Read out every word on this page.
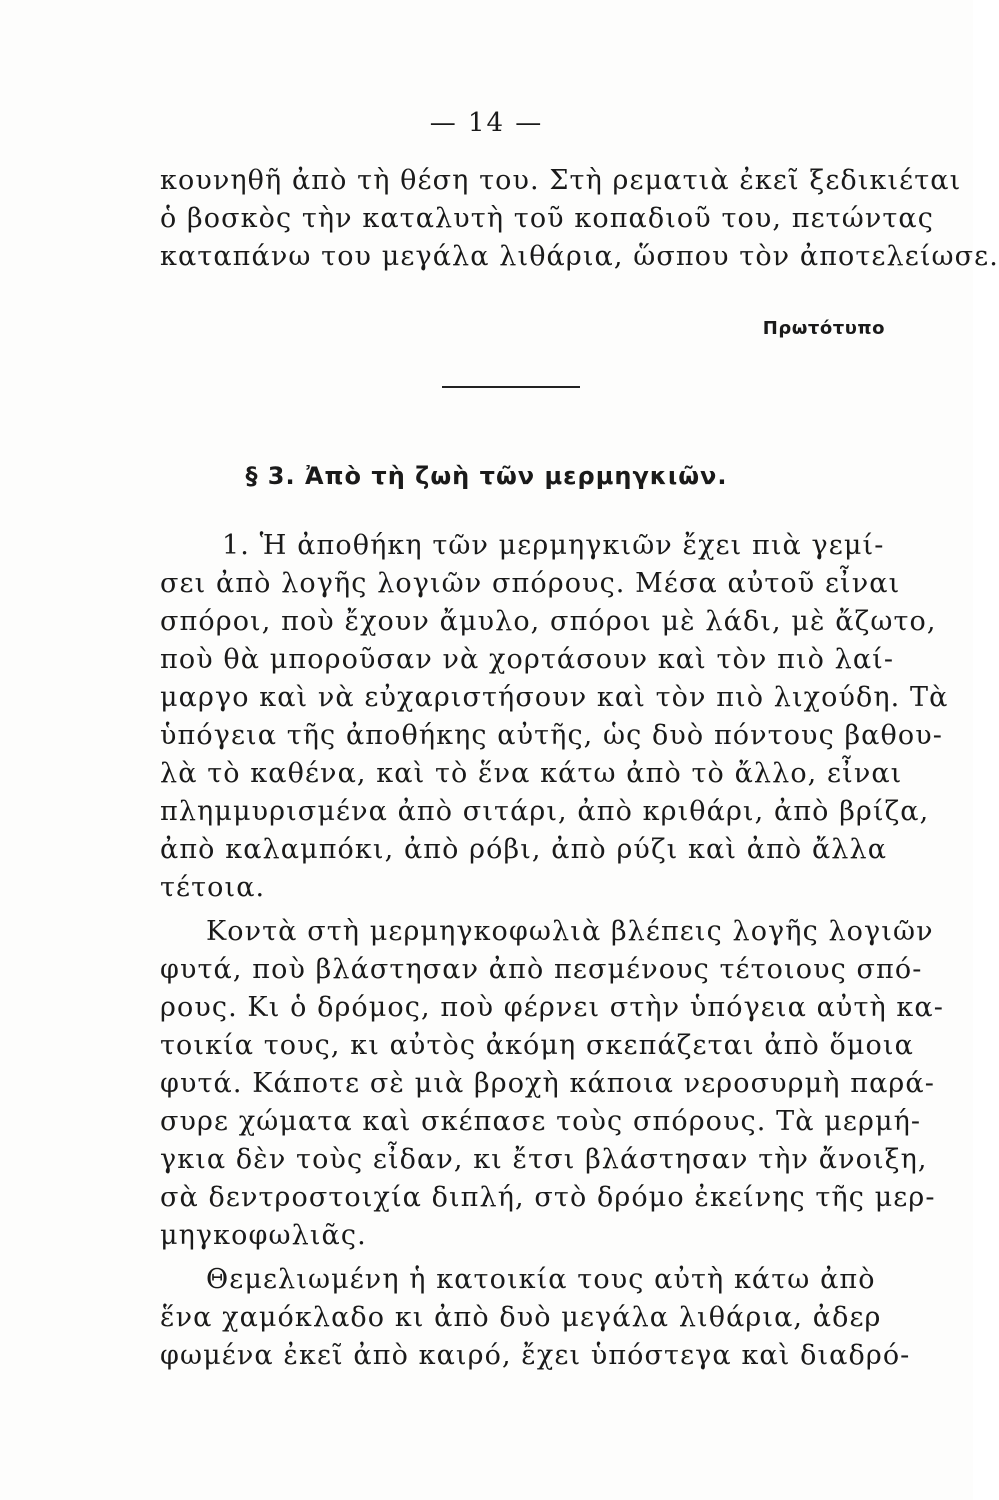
— 14 —
κουνηθῆ ἀπὸ τὴ θέση του. Στὴ ρεματιὰ ἐκεῖ ξεδικιέται
ὁ βοσκὸς τὴν καταλυτὴ τοῦ κοπαδιοῦ του, πετώντας
καταπάνω του μεγάλα λιθάρια, ὥσπου τὸν ἀποτελείωσε.
Πρωτότυπο
§ 3. Ἀπὸ τὴ ζωὴ τῶν μερμηγκιῶν.
1. Ἡ ἀποθήκη τῶν μερμηγκιῶν ἔχει πιὰ γεμί-
σει ἀπὸ λογῆς λογιῶν σπόρους. Μέσα αὐτοῦ εἶναι
σπόροι, ποὺ ἔχουν ἄμυλο, σπόροι μὲ λάδι, μὲ ἄζωτο,
ποὺ θὰ μποροῦσαν νὰ χορτάσουν καὶ τὸν πιὸ λαί-
μαργο καὶ νὰ εὐχαριστήσουν καὶ τὸν πιὸ λιχούδη. Τὰ
ὑπόγεια τῆς ἀποθήκης αὐτῆς, ὡς δυὸ πόντους βαθου-
λὰ τὸ καθένα, καὶ τὸ ἕνα κάτω ἀπὸ τὸ ἄλλο, εἶναι
πλημμυρισμένα ἀπὸ σιτάρι, ἀπὸ κριθάρι, ἀπὸ βρίζα,
ἀπὸ καλαμπόκι, ἀπὸ ρόβι, ἀπὸ ρύζι καὶ ἀπὸ ἄλλα
τέτοια.
Κοντὰ στὴ μερμηγκοφωλιὰ βλέπεις λογῆς λογιῶν
φυτά, ποὺ βλάστησαν ἀπὸ πεσμένους τέτοιους σπό-
ρους. Κι ὁ δρόμος, ποὺ φέρνει στὴν ὑπόγεια αὐτὴ κα-
τοικία τους, κι αὐτὸς ἀκόμη σκεπάζεται ἀπὸ ὅμοια
φυτά. Κάποτε σὲ μιὰ βροχὴ κάποια νεροσυρμὴ παρά-
συρε χώματα καὶ σκέπασε τοὺς σπόρους. Τὰ μερμή-
γκια δὲν τοὺς εἶδαν, κι ἔτσι βλάστησαν τὴν ἄνοιξη,
σὰ δεντροστοιχία διπλή, στὸ δρόμο ἐκείνης τῆς μερ-
μηγκοφωλιᾶς.
Θεμελιωμένη ἡ κατοικία τους αὐτὴ κάτω ἀπὸ
ἕνα χαμόκλαδο κι ἀπὸ δυὸ μεγάλα λιθάρια, ἀδερ
φωμένα ἐκεῖ ἀπὸ καιρό, ἔχει ὑπόστεγα καὶ διαδρό-
